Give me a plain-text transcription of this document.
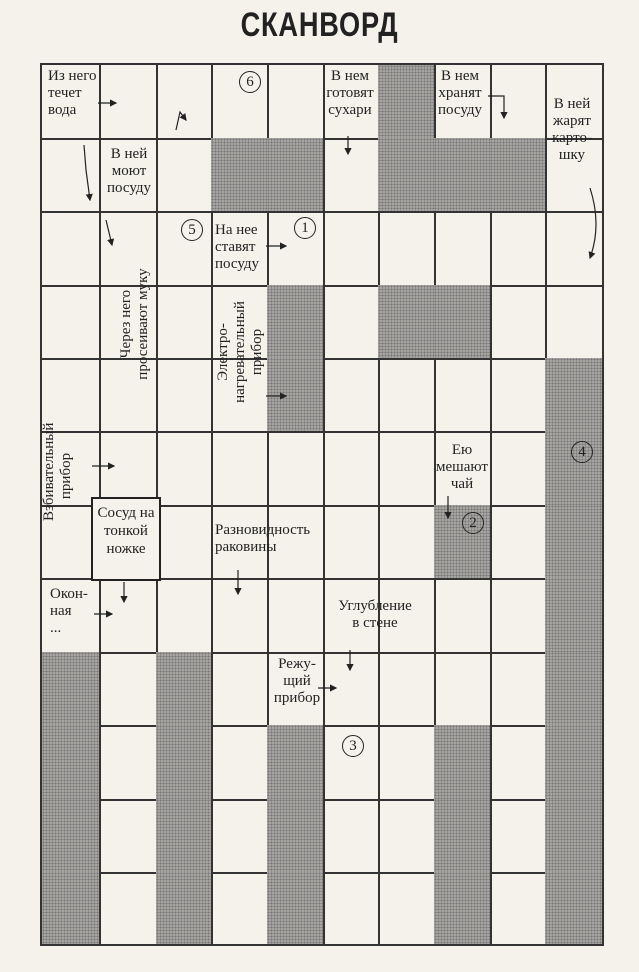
СКАНВОРД
Из него
течет
вода
В ней
моют
посуду
Через него
просеивают муку
На нее
ставят
посуду
Электро-
нагревательный
прибор
Взбивательный
прибор
Сосуд на
тонкой
ножке
Окон-
ная
...
Разновидность
раковины
Углубление
в стене
Режу-
щий
прибор
В нем
готовят
сухари
В нем
хранят
посуду	В ней
жарят
карто-
шку
Ею
мешают
чай
1
2
3
4
5
6
